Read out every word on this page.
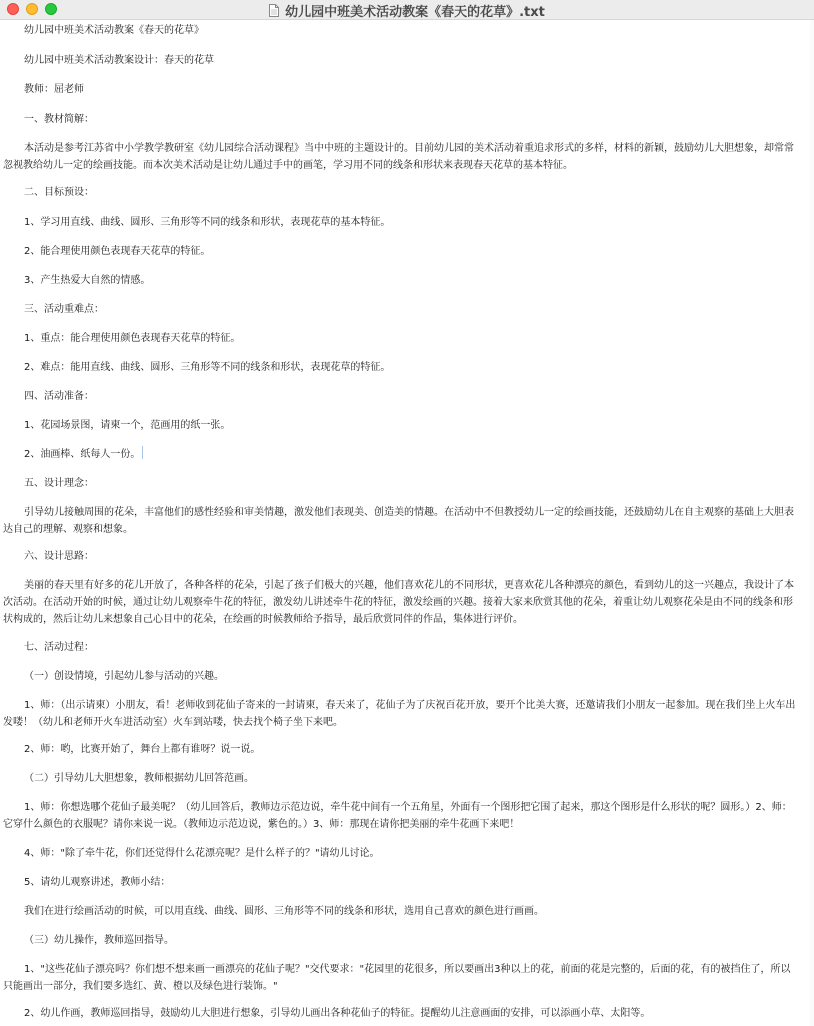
幼儿园中班美术活动教案《春天的花草》.txt

幼儿园中班美术活动教案《春天的花草》

幼儿园中班美术活动教案设计：春天的花草

教师：屈老师

一、教材简解：

本活动是参考江苏省中小学教学教研室《幼儿园综合活动课程》当中中班的主题设计的。目前幼儿园的美术活动着重追求形式的多样，材料的新颖，鼓励幼儿大胆想象，却常常忽视教给幼儿一定的绘画技能。而本次美术活动是让幼儿通过手中的画笔，学习用不同的线条和形状来表现春天花草的基本特征。

二、目标预设：

1、学习用直线、曲线、圆形、三角形等不同的线条和形状，表现花草的基本特征。

2、能合理使用颜色表现春天花草的特征。

3、产生热爱大自然的情感。

三、活动重难点：

1、重点：能合理使用颜色表现春天花草的特征。

2、难点：能用直线、曲线、圆形、三角形等不同的线条和形状，表现花草的特征。

四、活动准备：

1、花园场景图，请柬一个，范画用的纸一张。

2、油画棒、纸每人一份。

五、设计理念：

引导幼儿接触周围的花朵，丰富他们的感性经验和审美情趣，激发他们表现美、创造美的情趣。在活动中不但教授幼儿一定的绘画技能，还鼓励幼儿在自主观察的基础上大胆表达自己的理解、观察和想象。

六、设计思路：

美丽的春天里有好多的花儿开放了，各种各样的花朵，引起了孩子们极大的兴趣，他们喜欢花儿的不同形状，更喜欢花儿各种漂亮的颜色，看到幼儿的这一兴趣点，我设计了本次活动。在活动开始的时候，通过让幼儿观察牵牛花的特征，激发幼儿讲述牵牛花的特征，激发绘画的兴趣。接着大家来欣赏其他的花朵，着重让幼儿观察花朵是由不同的线条和形状构成的，然后让幼儿来想象自己心目中的花朵，在绘画的时候教师给予指导，最后欣赏同伴的作品，集体进行评价。

七、活动过程：

（一）创设情境，引起幼儿参与活动的兴趣。

1、师：（出示请柬）小朋友，看！老师收到花仙子寄来的一封请柬，春天来了，花仙子为了庆祝百花开放，要开个比美大赛，还邀请我们小朋友一起参加。现在我们坐上火车出发喽！（幼儿和老师开火车进活动室）火车到站喽，快去找个椅子坐下来吧。

2、师：哟，比赛开始了，舞台上都有谁呀？说一说。

（二）引导幼儿大胆想象，教师根据幼儿回答范画。

1、师：你想选哪个花仙子最美呢？（幼儿回答后，教师边示范边说，牵牛花中间有一个五角星，外面有一个图形把它围了起来，那这个图形是什么形状的呢？圆形。）2、师：它穿什么颜色的衣服呢？请你来说一说。（教师边示范边说，紫色的。）3、师：那现在请你把美丽的牵牛花画下来吧！

4、师："除了牵牛花，你们还觉得什么花漂亮呢？是什么样子的？"请幼儿讨论。

5、请幼儿观察讲述，教师小结：

我们在进行绘画活动的时候，可以用直线、曲线、圆形、三角形等不同的线条和形状，选用自己喜欢的颜色进行画画。

（三）幼儿操作，教师巡回指导。

1、"这些花仙子漂亮吗？你们想不想来画一画漂亮的花仙子呢？"交代要求："花园里的花很多，所以要画出3种以上的花，前面的花是完整的，后面的花，有的被挡住了，所以只能画出一部分，我们要多选红、黄、橙以及绿色进行装饰。"

2、幼儿作画，教师巡回指导，鼓励幼儿大胆进行想象，引导幼儿画出各种花仙子的特征。提醒幼儿注意画面的安排，可以添画小草、太阳等。
